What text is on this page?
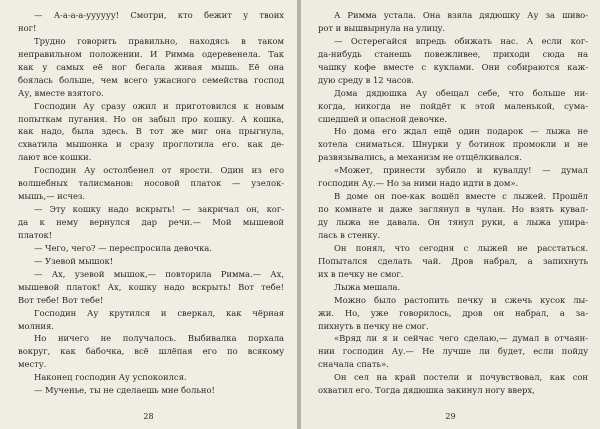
— А-а-а-а-уууууу! Смотри, кто бежит у твоих
ног!
Трудно говорить правильно, находясь в таком
неправильном положении. И Римма одеревенела. Так
как у самых её ног бегала живая мышь. Её она
боялась больше, чем всего ужасного семейства господ
Ау, вместе взятого.
Господин Ау сразу ожил и приготовился к новым
попыткам пугания. Но он забыл про кошку. А кошка,
как надо, была здесь. В тот же миг она прыгнула,
схватила мышонка и сразу проглотила его. как де-
лают все кошки.
Господин Ау остолбенел от ярости. Один из его
волшебных талисманов: носовой платок — узелок-
мышь,— исчез.
— Эту кошку надо вскрыть! — закричал он, ког-
да к нему вернулся дар речи.— Мой мышевой
платок!
— Чего, чего? — переспросила девочка.
— Узевой мышок!
— Ах, узевой мышок,— повторила Римма.— Ах,
мышевой платок! Ах, кошку надо вскрыть! Вот тебе!
Вот тебе! Вот тебе!
Господин Ау крутился и сверкал, как чёрная
молния.
Но ничего не получалось. Выбивалка порхала
вокруг, как бабочка, всё шлёпая его по всякому
месту.
Наконец господин Ау успокоился.
— Мученье, ты не сделаешь мне больно!
28
А Римма устала. Она взяла дядюшку Ау за шиво-
рот и вышвырнула на улицу.
— Остерегайся впредь обижать нас. А если ког-
да-нибудь станешь повежливее, приходи сюда на
чашку кофе вместе с куклами. Они собираются каж-
дую среду в 12 часов.
Дома дядюшка Ау обещал себе, что больше ни-
когда, никогда не пойдёт к этой маленькой, сума-
сшедшей и опасной девочке.
Но дома его ждал ещё один подарок — лыжа не
хотела сниматься. Шнурки у ботинок промокли и не
развязывались, а механизм не отщёлкивался.
«Может, принести зубило и кувалду! — думал
господин Ау.— Но за ними надо идти в дом».
В доме он пое-как вошёл вместе с лыжей. Прошёл
по комнате и даже заглянул в чулан. Но взять кувал-
ду лыжа не давала. Он тянул руки, а лыжа упира-
лась в стенку.
Он понял, что сегодня с лыжей не расстаться.
Попытался сделать чай. Дров набрал, а запихнуть
их в печку не смог.
Лыжа мешала.
Можно было растопить печку и сжечь кусок лы-
жи. Но, уже говорилось, дров он набрал, а за-
пихнуть в печку не смог.
«Вряд ли я и сейчас чего сделаю,— думал в отчаян-
нии господин Ау.— Не лучше ли будет, если пойду
сначала спать».
Он сел на край постели и почувствовал, как сон
охватил его. Тогда дядюшка закинул ногу вверх,
29
